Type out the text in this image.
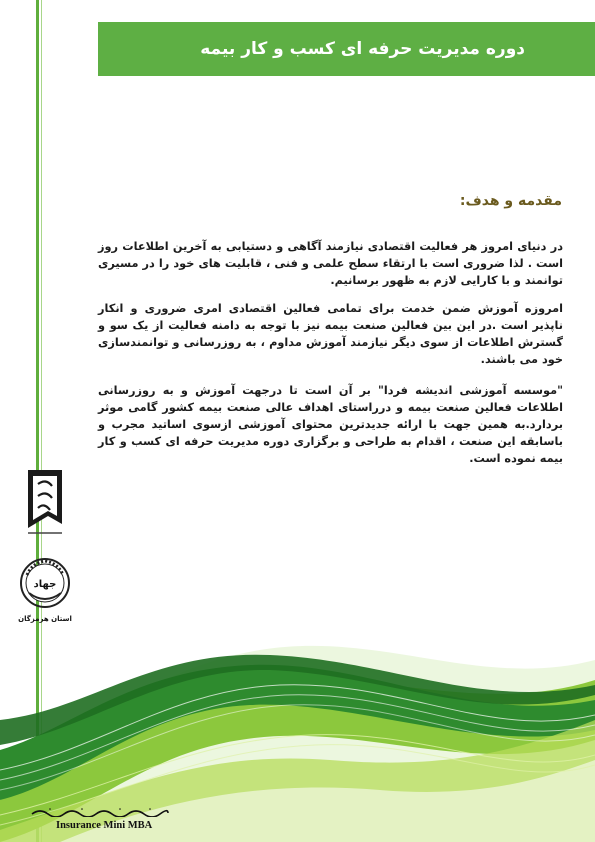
دوره مدیریت حرفه ای کسب و کار بیمه
مقدمه و هدف:
در دنیای امروز هر فعالیت اقتصادی نیازمند آگاهی و دستیابی به آخرین اطلاعات روز است . لذا ضروری است با ارتقاء سطح علمی و فنی ، قابلیت های خود را در مسیری توانمند و با کارایی لازم به ظهور برسانیم.
امروزه آموزش ضمن خدمت برای تمامی فعالین اقتصادی امری ضروری و انکار ناپذیر است .در این بین فعالین صنعت بیمه نیز با توجه به دامنه فعالیت از یک سو و گسترش اطلاعات از سوی دیگر نیازمند آموزش مداوم ، به روزرسانی و توانمندسازی خود می باشند.
"موسسه آموزشی اندیشه فردا" بر آن است تا درجهت آموزش و به روزرسانی اطلاعات فعالین صنعت بیمه و درراستای اهداف عالی صنعت بیمه کشور گامی موثر بردارد.به همین جهت با ارائه جدیدترین محتوای آموزشی ازسوی اساتید مجرب و باسابقه این صنعت ، اقدام به طراحی و برگزاری دوره مدیریت حرفه ای کسب و کار بیمه نموده است.
جهاد
استان هرمزگان
Insurance Mini MBA
